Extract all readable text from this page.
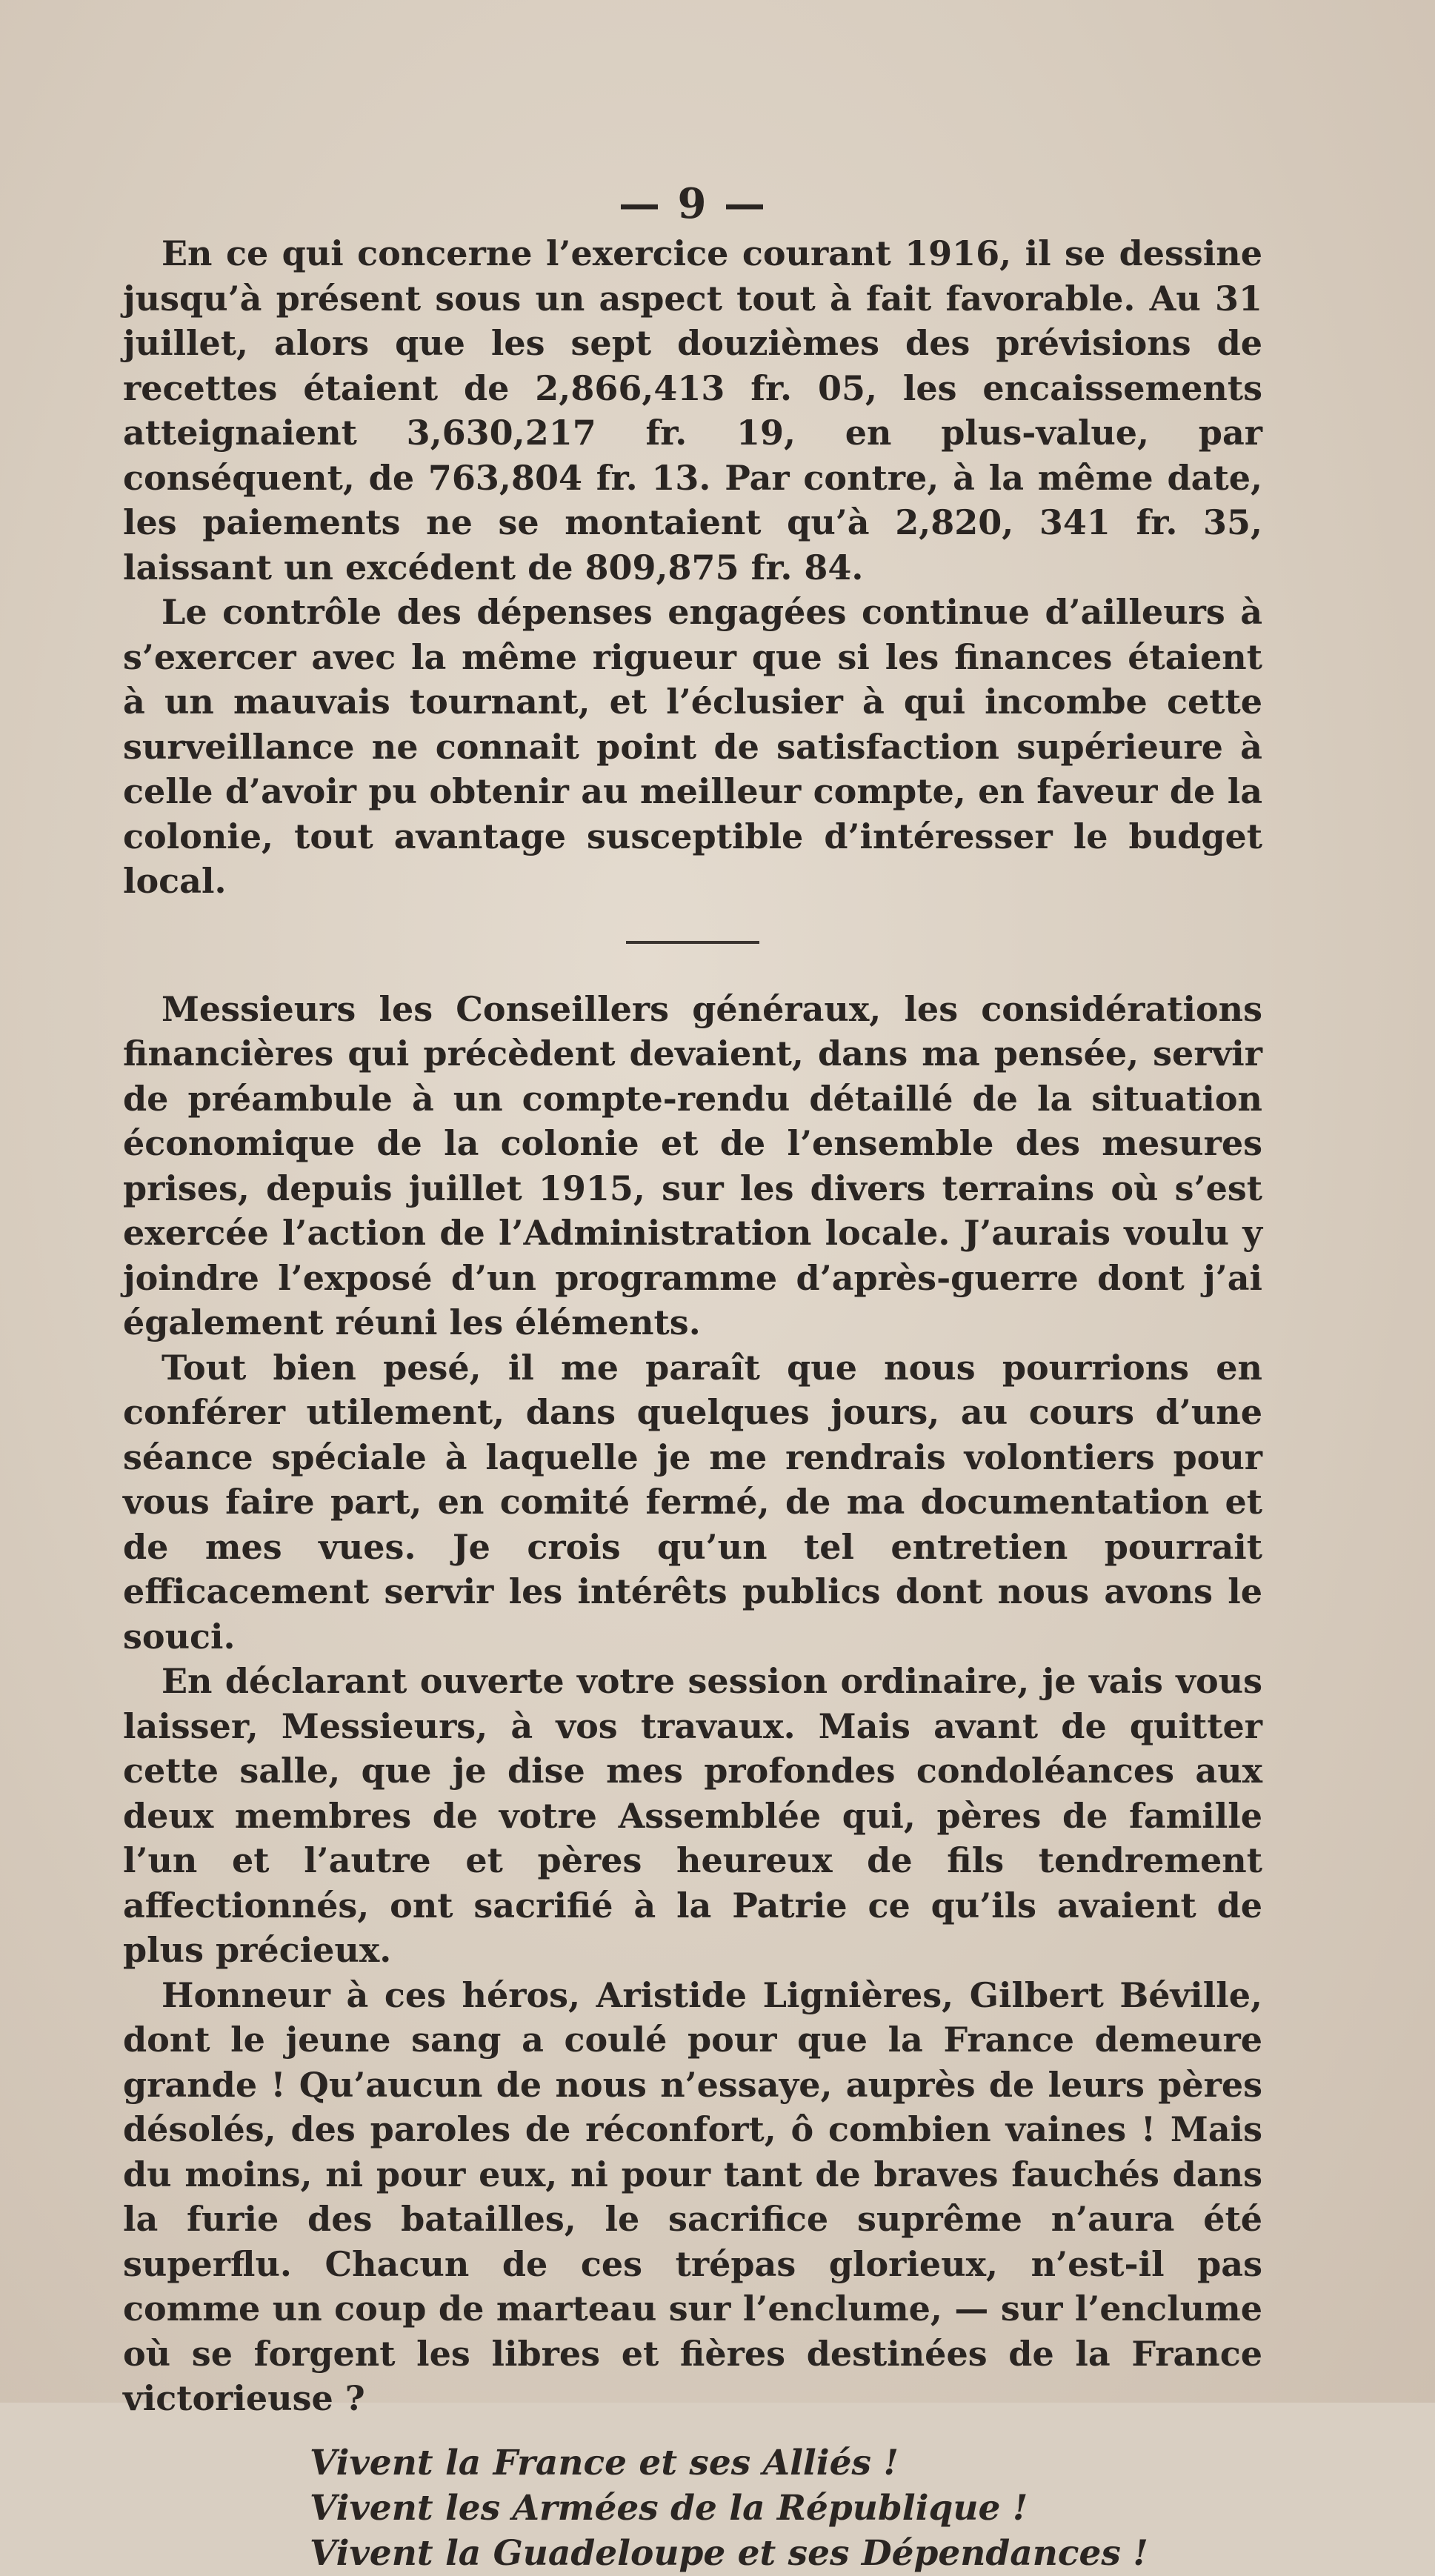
— 9 —

En ce qui concerne l’exercice courant 1916, il se dessine jusqu’à présent sous un aspect tout à fait favorable. Au 31 juillet, alors que les sept douzièmes des prévisions de recettes étaient de 2,866,413 fr. 05, les encaissements atteignaient 3,630,217 fr. 19, en plus-value, par conséquent, de 763,804 fr. 13. Par contre, à la même date, les paiements ne se montaient qu’à 2,820, 341 fr. 35, laissant un excédent de 809,875 fr. 84.

Le contrôle des dépenses engagées continue d’ailleurs à s’exercer avec la même rigueur que si les finances étaient à un mauvais tournant, et l’éclusier à qui incombe cette surveillance ne connait point de satisfaction supérieure à celle d’avoir pu obtenir au meilleur compte, en faveur de la colonie, tout avantage susceptible d’intéresser le budget local.

Messieurs les Conseillers généraux, les considérations financières qui précèdent devaient, dans ma pensée, servir de préambule à un compte-rendu détaillé de la situation économique de la colonie et de l’ensemble des mesures prises, depuis juillet 1915, sur les divers terrains où s’est exercée l’action de l’Administration locale. J’aurais voulu y joindre l’exposé d’un programme d’après-guerre dont j’ai également réuni les éléments.

Tout bien pesé, il me paraît que nous pourrions en conférer utilement, dans quelques jours, au cours d’une séance spéciale à laquelle je me rendrais volontiers pour vous faire part, en comité fermé, de ma documentation et de mes vues. Je crois qu’un tel entretien pourrait efficacement servir les intérêts publics dont nous avons le souci.

En déclarant ouverte votre session ordinaire, je vais vous laisser, Messieurs, à vos travaux. Mais avant de quitter cette salle, que je dise mes profondes condoléances aux deux membres de votre Assemblée qui, pères de famille l’un et l’autre et pères heureux de fils tendrement affectionnés, ont sacrifié à la Patrie ce qu’ils avaient de plus précieux.

Honneur à ces héros, Aristide Lignières, Gilbert Béville, dont le jeune sang a coulé pour que la France demeure grande ! Qu’aucun de nous n’essaye, auprès de leurs pères désolés, des paroles de réconfort, ô combien vaines ! Mais du moins, ni pour eux, ni pour tant de braves fauchés dans la furie des batailles, le sacrifice suprême n’aura été superflu. Chacun de ces trépas glorieux, n’est-il pas comme un coup de marteau sur l’enclume, — sur l’enclume où se forgent les libres et fières destinées de la France victorieuse ?

Vivent la France et ses Alliés !
Vivent les Armées de la République !
Vivent la Guadeloupe et ses Dépendances !
